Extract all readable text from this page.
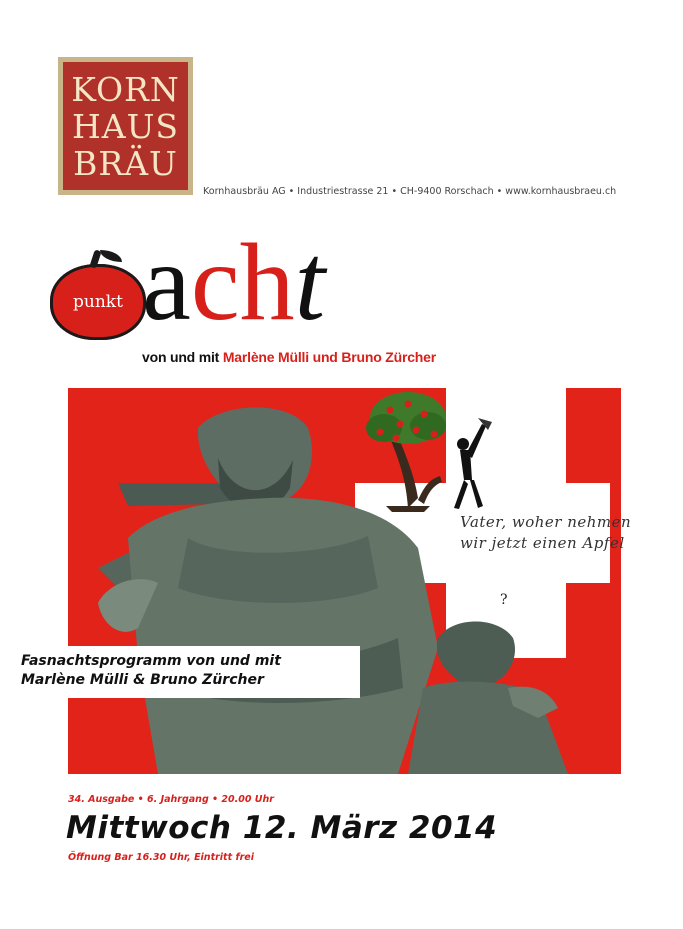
KORN
HAUS
BRÄU
Kornhausbräu AG • Industriestrasse 21 • CH-9400 Rorschach • www.kornhausbraeu.ch
punkt acht
von und mit Marlène Mülli und Bruno Zürcher
Vater, woher nehmen
wir jetzt einen Apfel
?
Fasnachtsprogramm von und mit
Marlène Mülli & Bruno Zürcher
34. Ausgabe • 6. Jahrgang • 20.00 Uhr
Mittwoch 12. März 2014
Öffnung Bar 16.30 Uhr, Eintritt frei
